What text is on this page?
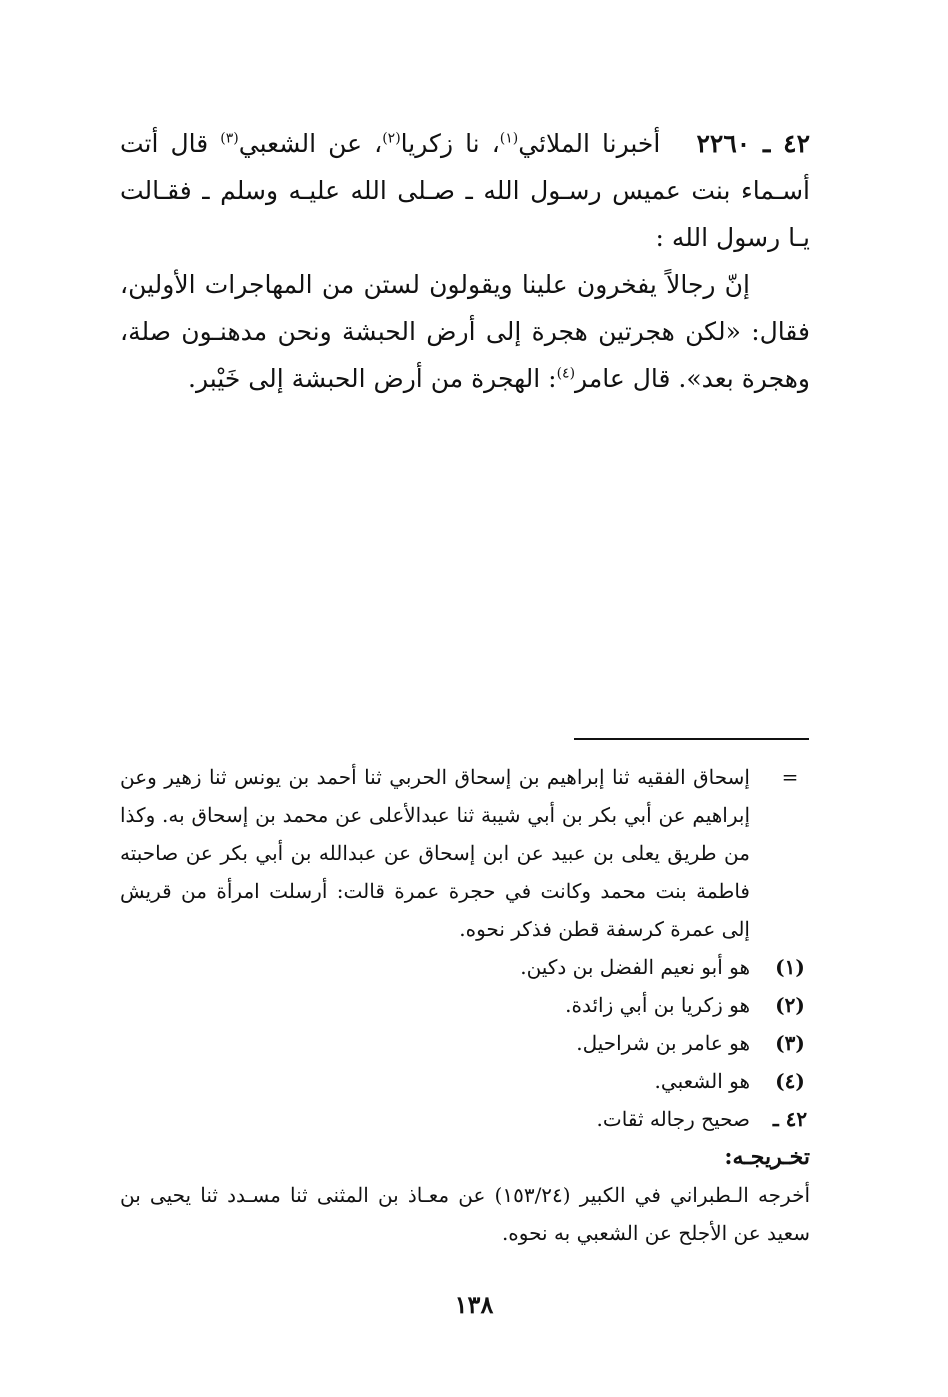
٤٢ ـ ٢٢٦٠   أخبرنا الملائي$^{(١)}$، نا زكريا$^{(٢)}$، عن الشعبي$^{(٣)}$ قال أتت أسـماء بنت عميس رسـول الله ـ صـلى الله عليـه وسلم ـ فقـالت يـا رسول الله :

إنّ رجالاً يفخرون علينا ويقولون لستن من المهاجرات الأولين، فقال: «لكن هجرتين هجرة إلى أرض الحبشة ونحن مدهنـون صلة، وهجرة بعد». قال عامر$^{(٤)}$: الهجرة من أرض الحبشة إلى خَيْبر.

=
إسحاق الفقيه ثنا إبراهيم بن إسحاق الحربي ثنا أحمد بن يونس ثنا زهير وعن إبراهيم عن أبي بكر بن أبي شيبة ثنا عبدالأعلى عن محمد بن إسحاق به. وكذا من طريق يعلى بن عبيد عن ابن إسحاق عن عبدالله بن أبي بكر عن صاحبته فاطمة بنت محمد وكانت في حجرة عمرة قالت: أرسلت امرأة من قريش إلى عمرة كرسفة قطن فذكر نحوه.
(١)
هو أبو نعيم الفضل بن دكين.
(٢)
هو زكريا بن أبي زائدة.
(٣)
هو عامر بن شراحيل.
(٤)
هو الشعبي.
٤٢ ـ
صحيح رجاله ثقات.
تخـريجـه:
أخرجه الـطبراني في الكبير (١٥٣/٢٤) عن معـاذ بن المثنى ثنا مسـدد ثنا يحيى بن سعيد عن الأجلح عن الشعبي به نحوه.
١٣٨
